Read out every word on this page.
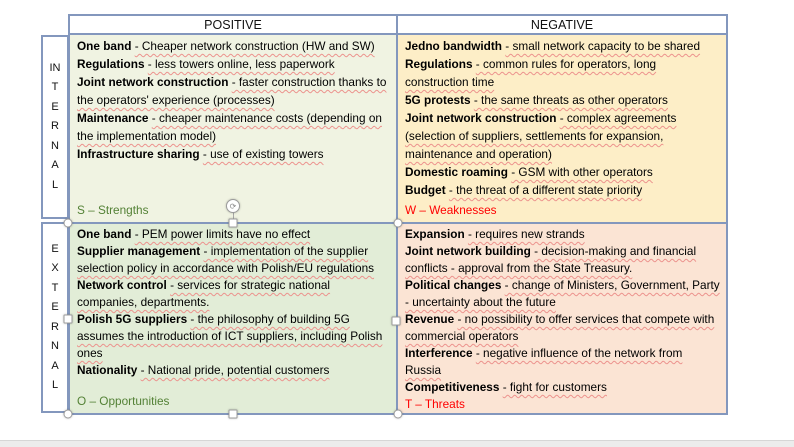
POSITIVE	NEGATIVE
INTERNAL
EXTERNAL

One band - Cheaper network construction (HW and SW)

Regulations - less towers online, less paperwork

Joint network construction - faster construction thanks to the operators' experience (processes)

Maintenance - cheaper maintenance costs (depending on the implementation model)

Infrastructure sharing - use of existing towers

S – Strengths

Jedno bandwidth - small network capacity to be shared

Regulations - common rules for operators, long construction time

5G protests - the same threats as other operators

Joint network construction - complex agreements (selection of suppliers, settlements for expansion, maintenance and operation)

Domestic roaming - GSM with other operators

Budget - the threat of a different state priority

W – Weaknesses

One band - PEM power limits have no effect

Supplier management - implementation of the supplier selection policy in accordance with Polish/EU regulations

Network control - services for strategic national companies, departments.

Polish 5G suppliers - the philosophy of building 5G assumes the introduction of ICT suppliers, including Polish ones

Nationality - National pride, potential customers

O – Opportunities

Expansion - requires new strands

Joint network building - decision-making and financial conflicts - approval from the State Treasury.

Political changes - change of Ministers, Government, Party - uncertainty about the future

Revenue - no possibility to offer services that compete with commercial operators

Interference - negative influence of the network from Russia

Competitiveness - fight for customers

T – Threats
⟳
